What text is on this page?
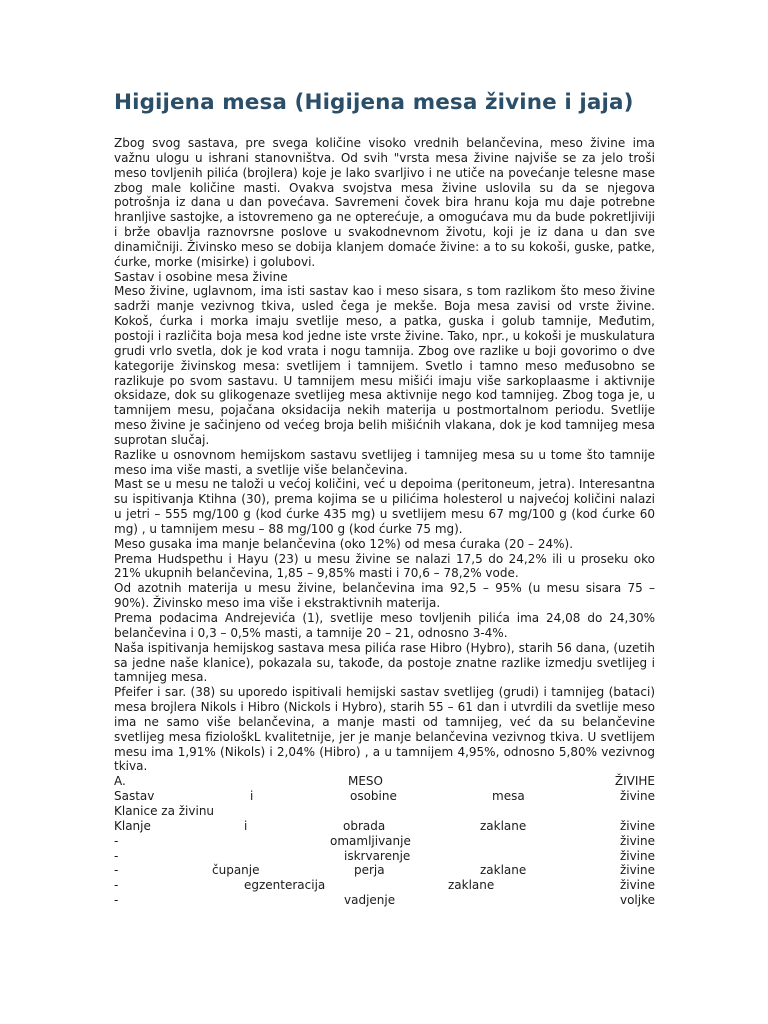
Higijena mesa (Higijena mesa živine i jaja)

Zbog svog sastava, pre svega količine visoko vrednih belančevina, meso živine ima važnu ulogu u ishrani stanovništva. Od svih "vrsta mesa živine najviše se za jelo troši meso tovljenih pilića (brojlera) koje je lako svarljivo i ne utiče na povećanje telesne mase zbog male količine masti. Ovakva svojstva mesa živine uslovila su da se njegova potrošnja iz dana u dan povećava. Savremeni čovek bira hranu koja mu daje potrebne hranljive sastojke, a istovremeno ga ne opterećuje, a omogućava mu da bude pokretljiviji i brže obavlja raznovrsne poslove u svakodnevnom životu, koji je iz dana u dan sve dinamičniji. Živinsko meso se dobija klanjem domaće živine: a to su kokoši, guske, patke, ćurke, morke (misirke) i golubovi.

Sastav i osobine mesa živine

Meso živine, uglavnom, ima isti sastav kao i meso sisara, s tom razlikom što meso živine sadrži manje vezivnog tkiva, usled čega je mekše. Boja mesa zavisi od vrste živine. Kokoš, ćurka i morka imaju svetlije meso, a patka, guska i golub tamnije, Međutim, postoji i različita boja mesa kod jedne iste vrste živine. Tako, npr., u kokoši je muskulatura grudi vrlo svetla, dok je kod vrata i nogu tamnija. Zbog ove razlike u boji govorimo o dve kategorije živinskog mesa: svetlijem i tamnijem. Svetlo i tamno meso međusobno se razlikuje po svom sastavu. U tamnijem mesu mišići imaju više sarkoplaasme i aktivnije oksidaze, dok su glikogenaze svetlijeg mesa aktivnije nego kod tamnijeg. Zbog toga je, u tamnijem mesu, pojačana oksidacija nekih materija u postmortalnom periodu. Svetlije meso živine je sačinjeno od većeg broja belih mišićnih vlakana, dok je kod tamnijeg mesa suprotan slučaj.

Razlike u osnovnom hemijskom sastavu svetlijeg i tamnijeg mesa su u tome što tamnije meso ima više masti, a svetlije više belančevina.

Mast se u mesu ne taloži u većoj količini, već u depoima (peritoneum, jetra). Interesantna su ispitivanja Ktihna (30), prema kojima se u pilićima holesterol u najvećoj količini nalazi u jetri – 555 mg/100 g (kod ćurke 435 mg) u svetlijem mesu 67 mg/100 g (kod ćurke 60 mg) , u tamnijem mesu – 88 mg/100 g (kod ćurke 75 mg).

Meso gusaka ima manje belančevina (oko 12%) od mesa ćuraka (20 – 24%).

Prema Hudspethu i Hayu (23) u mesu živine se nalazi 17,5 do 24,2% ili u proseku oko 21% ukupnih belančevina, 1,85 – 9,85% masti i 70,6 – 78,2% vode.

Od azotnih materija u mesu živine, belančevina ima 92,5 – 95% (u mesu sisara 75 – 90%). Živinsko meso ima više i ekstraktivnih materija.

Prema podacima Andrejevića (1), svetlije meso tovljenih pilića ima 24,08 do 24,30% belančevina i 0,3 – 0,5% masti, a tamnije 20 – 21, odnosno 3-4%.

Naša ispitivanja hemijskog sastava mesa pilića rase Hibro (Hybro), starih 56 dana, (uzetih sa jedne naše klanice), pokazala su, takođe, da postoje znatne razlike izmedju svetlijeg i tamnijeg mesa.

Pfeifer i sar. (38) su uporedo ispitivali hemijski sastav svetlijeg (grudi) i tamnijeg (bataci) mesa brojlera Nikols i Hibro (Nickols i Hybro), starih 55 – 61 dan i utvrdili da svetlije meso ima ne samo više belančevina, a manje masti od tamnijeg, već da su belančevine svetlijeg mesa fiziološkL kvalitetnije, jer je manje belančevina vezivnog tkiva. U svetlijem mesu ima 1,91% (Nikols) i 2,04% (Hibro) , a u tamnijem 4,95%, odnosno 5,80% vezivnog tkiva.

A.	MESO	ŽIVIHE
Sastav	i	osobine	mesa	živine
Klanice za živinu
Klanje	i	obrada	zaklane	živine
-	omamljivanje	živine
-	iskrvarenje	živine
-	čupanje	perja	zaklane	živine
-	egzenteracija	zaklane	živine
-	vadjenje	voljke
